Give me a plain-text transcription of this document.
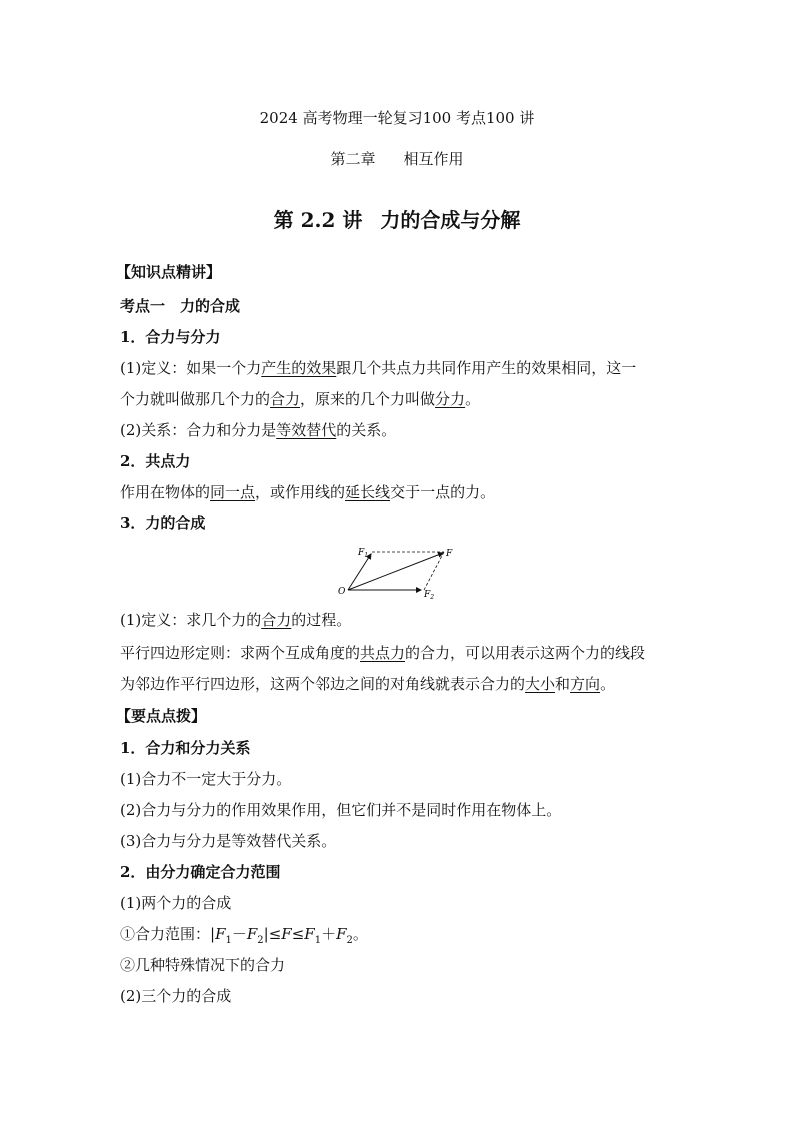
2024 高考物理一轮复习100 考点100 讲
第二章 相互作用
第 2.2 讲 力的合成与分解
【知识点精讲】
考点一　力的合成
1．合力与分力
(1)定义：如果一个力产生的效果跟几个共点力共同作用产生的效果相同，这一
个力就叫做那几个力的合力，原来的几个力叫做分力。
(2)关系：合力和分力是等效替代的关系。
2．共点力
作用在物体的同一点，或作用线的延长线交于一点的力。
3．力的合成
$F_1$	F
O	$F_2$
(1)定义：求几个力的合力的过程。
平行四边形定则：求两个互成角度的共点力的合力，可以用表示这两个力的线段
为邻边作平行四边形，这两个邻边之间的对角线就表示合力的大小和方向。
【要点点拨】
1．合力和分力关系
(1)合力不一定大于分力。
(2)合力与分力的作用效果作用，但它们并不是同时作用在物体上。
(3)合力与分力是等效替代关系。
2．由分力确定合力范围
(1)两个力的合成
①合力范围：$|F_1-F_2|\le F\le F_1+F_2$。
②几种特殊情况下的合力
(2)三个力的合成
